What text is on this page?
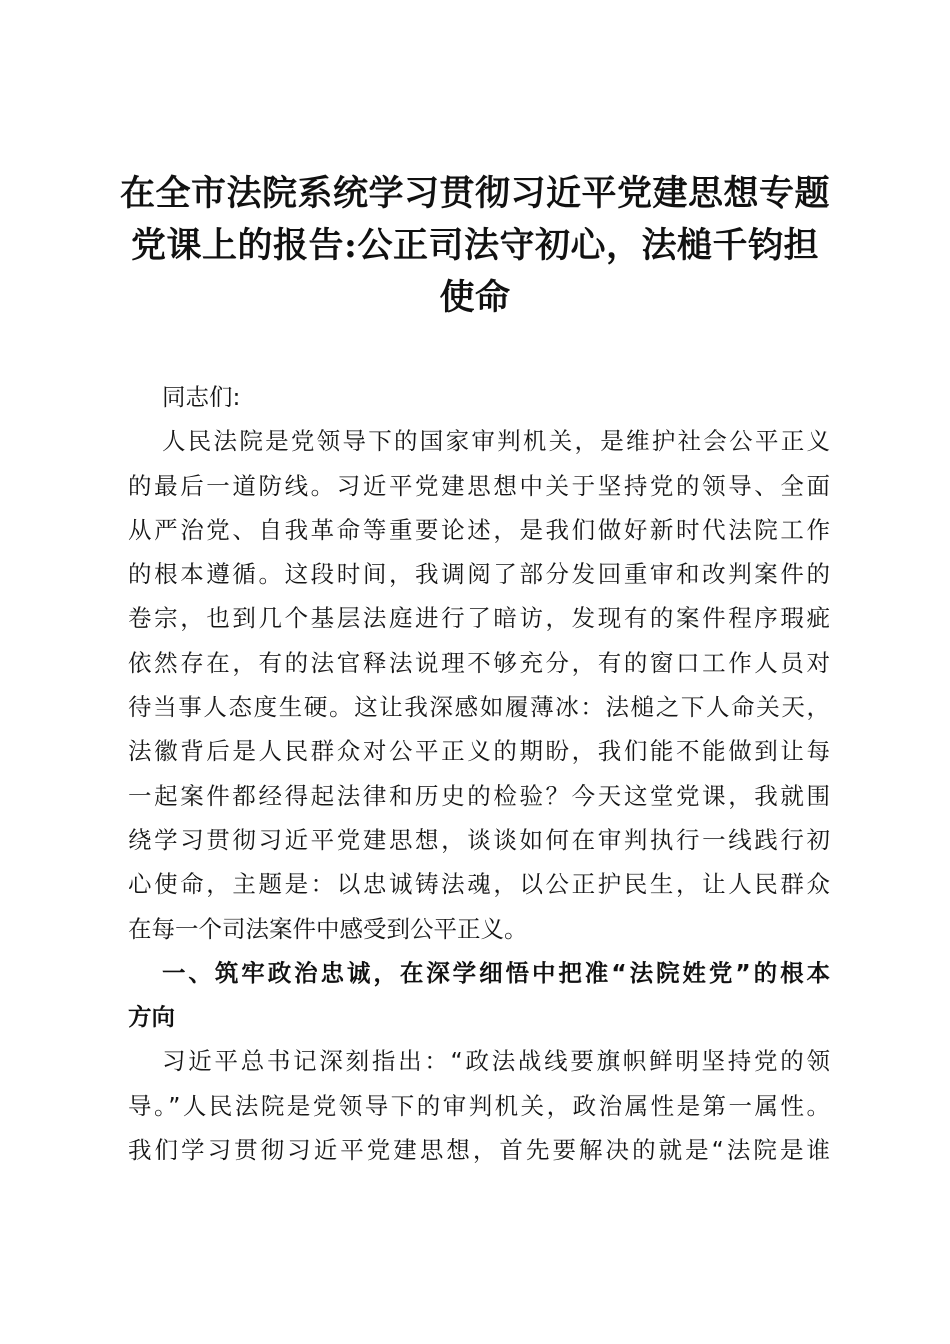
在全市法院系统学习贯彻习近平党建思想专题
党课上的报告:公正司法守初心，法槌千钧担
使命

同志们:

人民法院是党领导下的国家审判机关，是维护社会公平正义
的最后一道防线。习近平党建思想中关于坚持党的领导、全面
从严治党、自我革命等重要论述，是我们做好新时代法院工作
的根本遵循。这段时间，我调阅了部分发回重审和改判案件的
卷宗，也到几个基层法庭进行了暗访，发现有的案件程序瑕疵
依然存在，有的法官释法说理不够充分，有的窗口工作人员对
待当事人态度生硬。这让我深感如履薄冰：法槌之下人命关天，
法徽背后是人民群众对公平正义的期盼，我们能不能做到让每
一起案件都经得起法律和历史的检验？今天这堂党课，我就围
绕学习贯彻习近平党建思想，谈谈如何在审判执行一线践行初
心使命，主题是：以忠诚铸法魂，以公正护民生，让人民群众
在每一个司法案件中感受到公平正义。

一、筑牢政治忠诚，在深学细悟中把准“法院姓党”的根本
方向

习近平总书记深刻指出：“政法战线要旗帜鲜明坚持党的领
导。”人民法院是党领导下的审判机关，政治属性是第一属性。
我们学习贯彻习近平党建思想，首先要解决的就是“法院是谁
